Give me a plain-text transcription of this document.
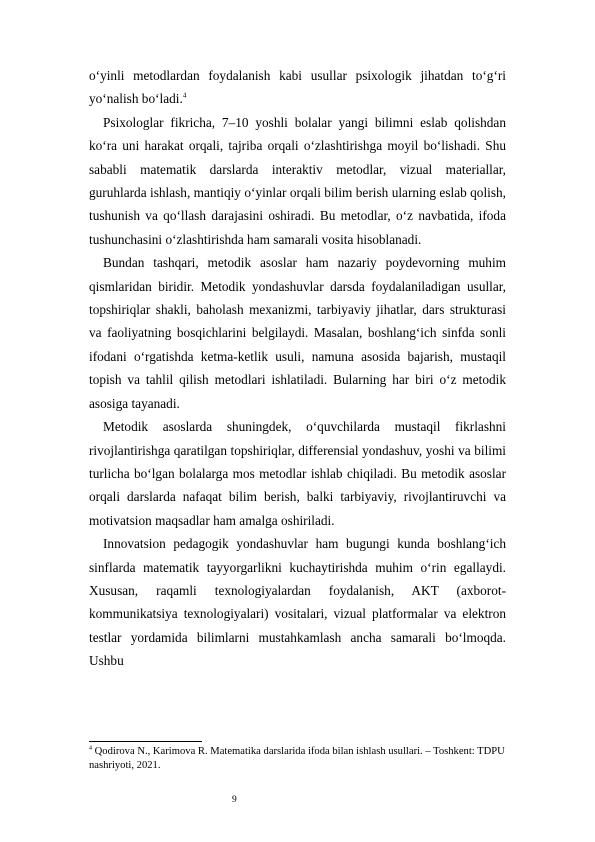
o‘yinli metodlardan foydalanish kabi usullar psixologik jihatdan to‘g‘ri yo‘nalish bo‘ladi.$^4$

Psixologlar fikricha, 7–10 yoshli bolalar yangi bilimni eslab qolishdan ko‘ra uni harakat orqali, tajriba orqali o‘zlashtirishga moyil bo‘lishadi. Shu sababli matematik darslarda interaktiv metodlar, vizual materiallar, guruhlarda ishlash, mantiqiy o‘yinlar orqali bilim berish ularning eslab qolish, tushunish va qo‘llash darajasini oshiradi. Bu metodlar, o‘z navbatida, ifoda tushunchasini o‘zlashtirishda ham samarali vosita hisoblanadi.

Bundan tashqari, metodik asoslar ham nazariy poydevorning muhim qismlaridan biridir. Metodik yondashuvlar darsda foydalaniladigan usullar, topshiriqlar shakli, baholash mexanizmi, tarbiyaviy jihatlar, dars strukturasi va faoliyatning bosqichlarini belgilaydi. Masalan, boshlang‘ich sinfda sonli ifodani o‘rgatishda ketma-ketlik usuli, namuna asosida bajarish, mustaqil topish va tahlil qilish metodlari ishlatiladi. Bularning har biri o‘z metodik asosiga tayanadi.

Metodik asoslarda shuningdek, o‘quvchilarda mustaqil fikrlashni rivojlantirishga qaratilgan topshiriqlar, differensial yondashuv, yoshi va bilimi turlicha bo‘lgan bolalarga mos metodlar ishlab chiqiladi. Bu metodik asoslar orqali darslarda nafaqat bilim berish, balki tarbiyaviy, rivojlantiruvchi va motivatsion maqsadlar ham amalga oshiriladi.

Innovatsion pedagogik yondashuvlar ham bugungi kunda boshlang‘ich sinflarda matematik tayyorgarlikni kuchaytirishda muhim o‘rin egallaydi. Xususan, raqamli texnologiyalardan foydalanish, AKT (axborot-kommunikatsiya texnologiyalari) vositalari, vizual platformalar va elektron testlar yordamida bilimlarni mustahkamlash ancha samarali bo‘lmoqda. Ushbu

$^4$ Qodirova N., Karimova R. Matematika darslarida ifoda bilan ishlash usullari. – Toshkent: TDPU nashriyoti, 2021.
9
